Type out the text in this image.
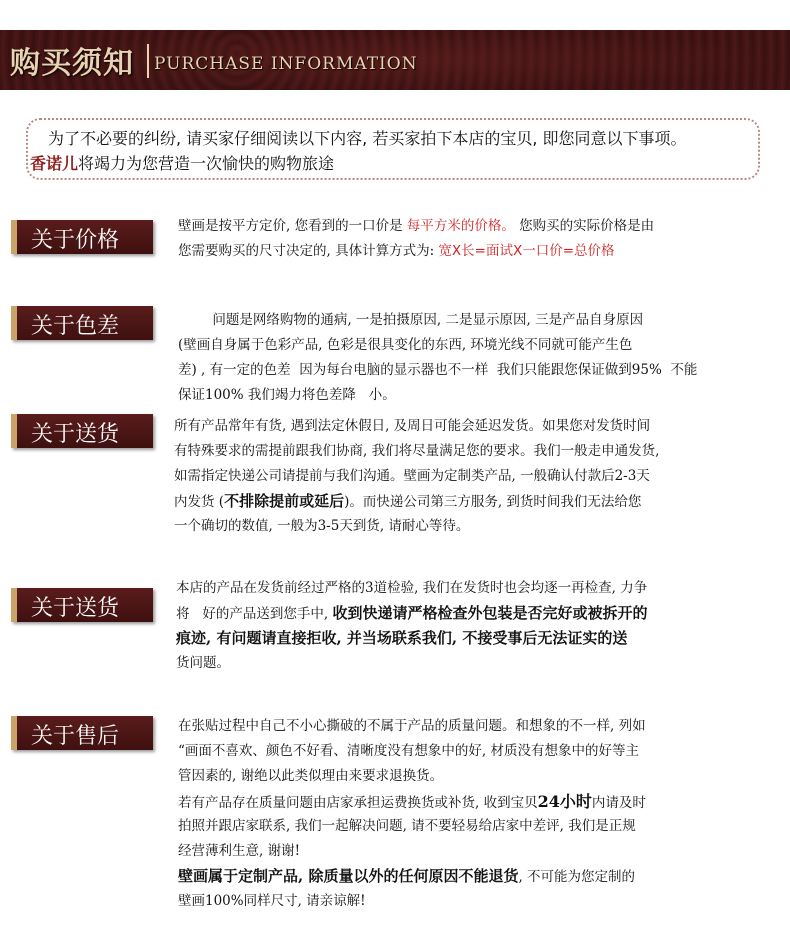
购买须知 PURCHASE INFORMATION
为了不必要的纠纷, 请买家仔细阅读以下内容, 若买家拍下本店的宝贝, 即您同意以下事项。
香诺儿将竭力为您营造一次愉快的购物旅途
关于价格
壁画是按平方定价, 您看到的一口价是 每平方米的价格。 您购买的实际价格是由
您需要购买的尺寸决定的, 具体计算方式为: 宽X长=面试X一口价=总价格
关于色差	问题是网络购物的通病, 一是拍摄原因, 二是显示原因, 三是产品自身原因
(壁画自身属于色彩产品, 色彩是很具变化的东西, 环境光线不同就可能产生色
差) , 有一定的色差  因为每台电脑的显示器也不一样  我们只能跟您保证做到95%  不能
保证100% 我们竭力将色差降   小。
关于送货	所有产品常年有货, 遇到法定休假日, 及周日可能会延迟发货。如果您对发货时间
有特殊要求的需提前跟我们协商, 我们将尽量满足您的要求。我们一般走申通发货,
如需指定快递公司请提前与我们沟通。壁画为定制类产品, 一般确认付款后2-3天
内发货 (不排除提前或延后)。而快递公司第三方服务, 到货时间我们无法给您
一个确切的数值, 一般为3-5天到货, 请耐心等待。
关于送货
本店的产品在发货前经过严格的3道检验, 我们在发货时也会均逐一再检查, 力争
将   好的产品送到您手中, 收到快递请严格检查外包装是否完好或被拆开的
痕迹, 有问题请直接拒收, 并当场联系我们, 不接受事后无法证实的送
货问题。
关于售后	在张贴过程中自己不小心撕破的不属于产品的质量问题。和想象的不一样, 列如
“画面不喜欢、颜色不好看、清晰度没有想象中的好, 材质没有想象中的好等主
管因素的, 谢绝以此类似理由来要求退换货。
若有产品存在质量问题由店家承担运费换货或补货, 收到宝贝24小时内请及时
拍照并跟店家联系, 我们一起解决问题, 请不要轻易给店家中差评, 我们是正规
经营薄利生意, 谢谢!
壁画属于定制产品, 除质量以外的任何原因不能退货, 不可能为您定制的
壁画100%同样尺寸, 请亲谅解!
